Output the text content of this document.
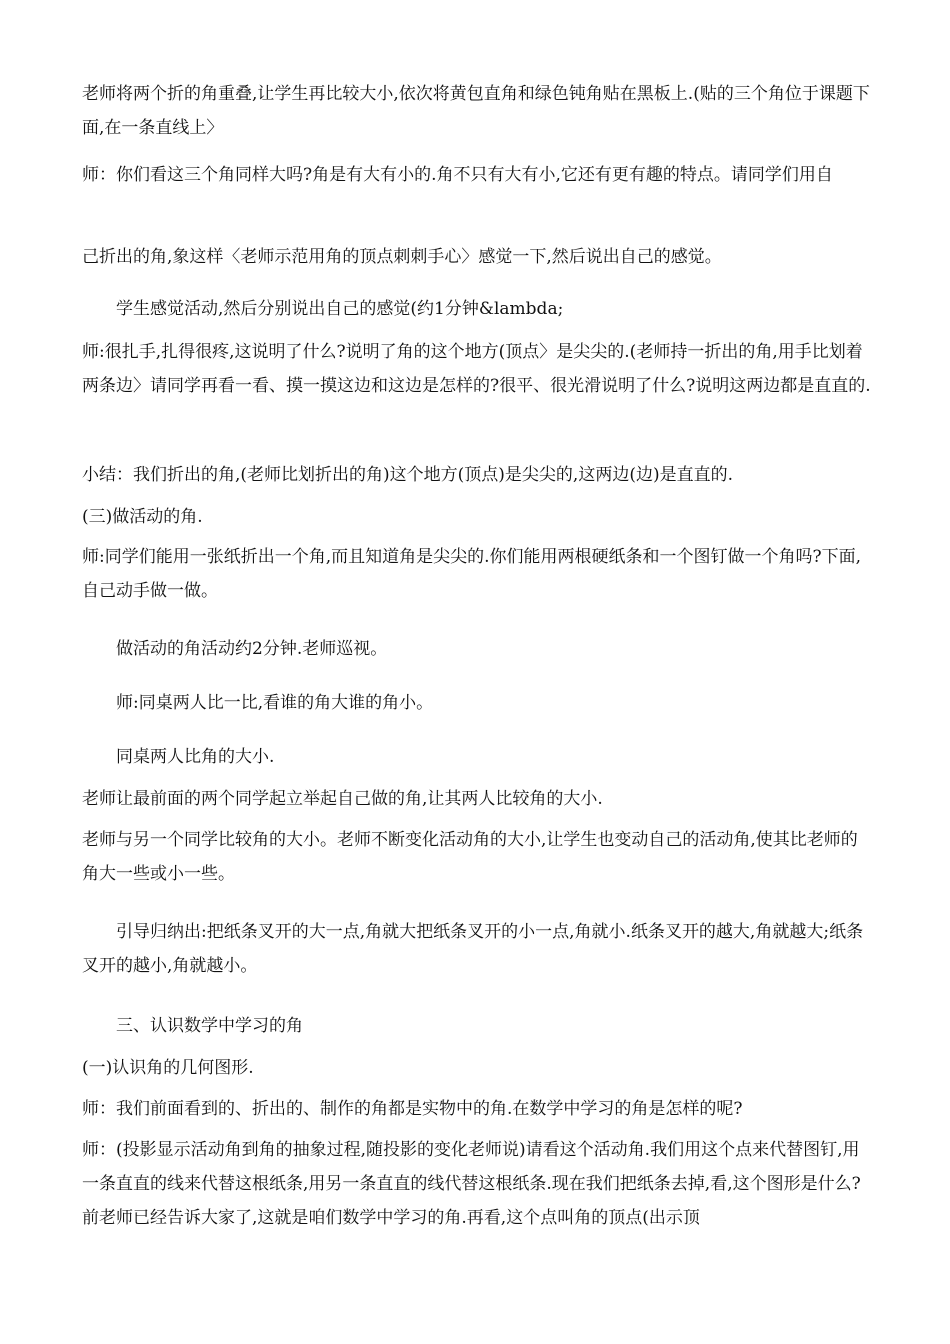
老师将两个折的角重叠,让学生再比较大小,依次将黄包直角和绿色钝角贴在黑板上.(贴的三个角位于课题下面,在一条直线上〉

师：你们看这三个角同样大吗?角是有大有小的.角不只有大有小,它还有更有趣的特点。请同学们用自

己折出的角,象这样〈老师示范用角的顶点刺刺手心〉感觉一下,然后说出自己的感觉。

学生感觉活动,然后分别说出自己的感觉(约1分钟&lambda;

师:很扎手,扎得很疼,这说明了什么?说明了角的这个地方(顶点〉是尖尖的.(老师持一折出的角,用手比划着两条边〉请同学再看一看、摸一摸这边和这边是怎样的?很平、很光滑说明了什么?说明这两边都是直直的.

小结：我们折出的角,(老师比划折出的角)这个地方(顶点)是尖尖的,这两边(边)是直直的.

(三)做活动的角.

师:同学们能用一张纸折出一个角,而且知道角是尖尖的.你们能用两根硬纸条和一个图钉做一个角吗?下面,自己动手做一做。

做活动的角活动约2分钟.老师巡视。

师:同桌两人比一比,看谁的角大谁的角小。

同桌两人比角的大小.

老师让最前面的两个同学起立举起自己做的角,让其两人比较角的大小.

老师与另一个同学比较角的大小。老师不断变化活动角的大小,让学生也变动自己的活动角,使其比老师的角大一些或小一些。

引导归纳出:把纸条叉开的大一点,角就大把纸条叉开的小一点,角就小.纸条叉开的越大,角就越大;纸条叉开的越小,角就越小。

三、认识数学中学习的角

(一)认识角的几何图形.

师：我们前面看到的、折出的、制作的角都是实物中的角.在数学中学习的角是怎样的呢?

师：(投影显示活动角到角的抽象过程,随投影的变化老师说)请看这个活动角.我们用这个点来代替图钉,用一条直直的线来代替这根纸条,用另一条直直的线代替这根纸条.现在我们把纸条去掉,看,这个图形是什么?前老师已经告诉大家了,这就是咱们数学中学习的角.再看,这个点叫角的顶点(出示顶
